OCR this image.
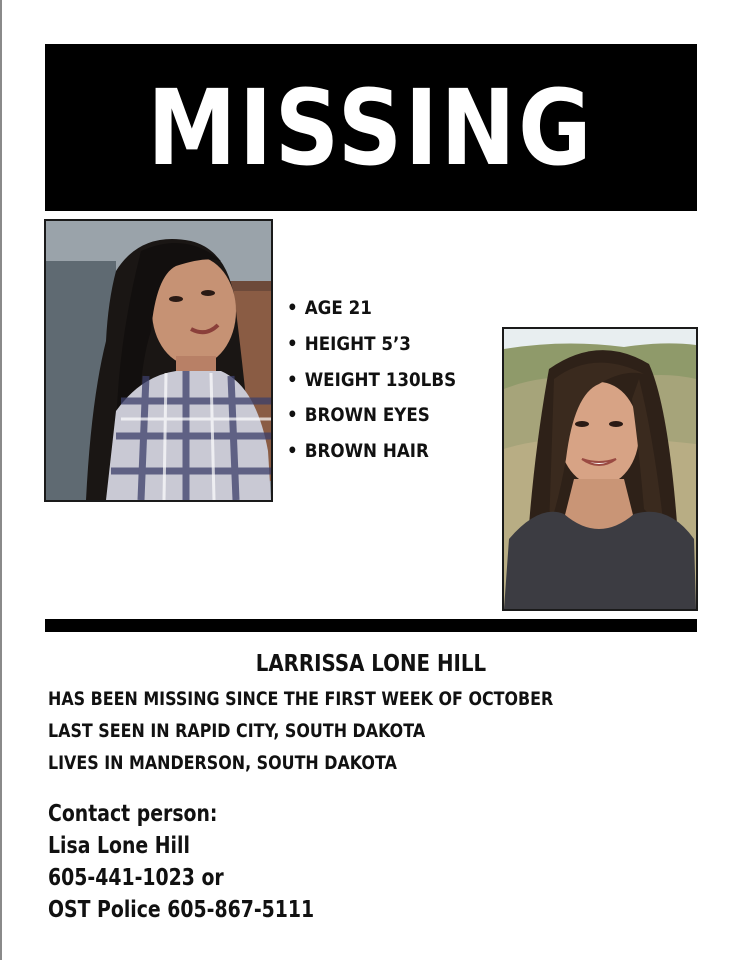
MISSING
• AGE 21
• HEIGHT 5’3
• WEIGHT 130LBS
• BROWN EYES
• BROWN HAIR
LARRISSA LONE HILL
HAS BEEN MISSING SINCE THE FIRST WEEK OF OCTOBER
LAST SEEN IN RAPID CITY, SOUTH DAKOTA
LIVES IN MANDERSON, SOUTH DAKOTA
Contact person:
Lisa Lone Hill
605-441-1023 or
OST Police 605-867-5111
